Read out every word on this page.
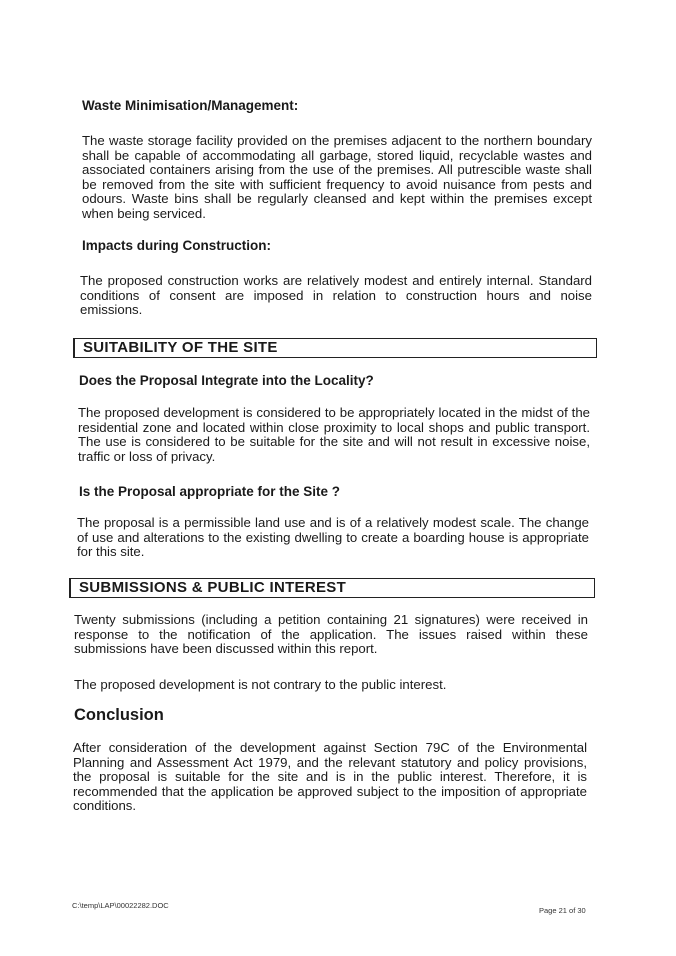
Waste Minimisation/Management:

The waste storage facility provided on the premises adjacent to the northern boundary shall be capable of accommodating all garbage, stored liquid, recyclable wastes and associated containers arising from the use of the premises. All putrescible waste shall be removed from the site with sufficient frequency to avoid nuisance from pests and odours. Waste bins shall be regularly cleansed and kept within the premises except when being serviced.

Impacts during Construction:

The proposed construction works are relatively modest and entirely internal. Standard conditions of consent are imposed in relation to construction hours and noise emissions.

SUITABILITY OF THE SITE

Does the Proposal Integrate into the Locality?

The proposed development is considered to be appropriately located in the midst of the residential zone and located within close proximity to local shops and public transport. The use is considered to be suitable for the site and will not result in excessive noise, traffic or loss of privacy.

Is the Proposal appropriate for the Site ?

The proposal is a permissible land use and is of a relatively modest scale. The change of use and alterations to the existing dwelling to create a boarding house is appropriate for this site.

SUBMISSIONS & PUBLIC INTEREST

Twenty submissions (including a petition containing 21 signatures) were received in response to the notification of the application. The issues raised within these submissions have been discussed within this report.

The proposed development is not contrary to the public interest.

Conclusion

After consideration of the development against Section 79C of the Environmental Planning and Assessment Act 1979, and the relevant statutory and policy provisions, the proposal is suitable for the site and is in the public interest. Therefore, it is recommended that the application be approved subject to the imposition of appropriate conditions.

C:\temp\LAP\00022282.DOC
Page 21 of 30
